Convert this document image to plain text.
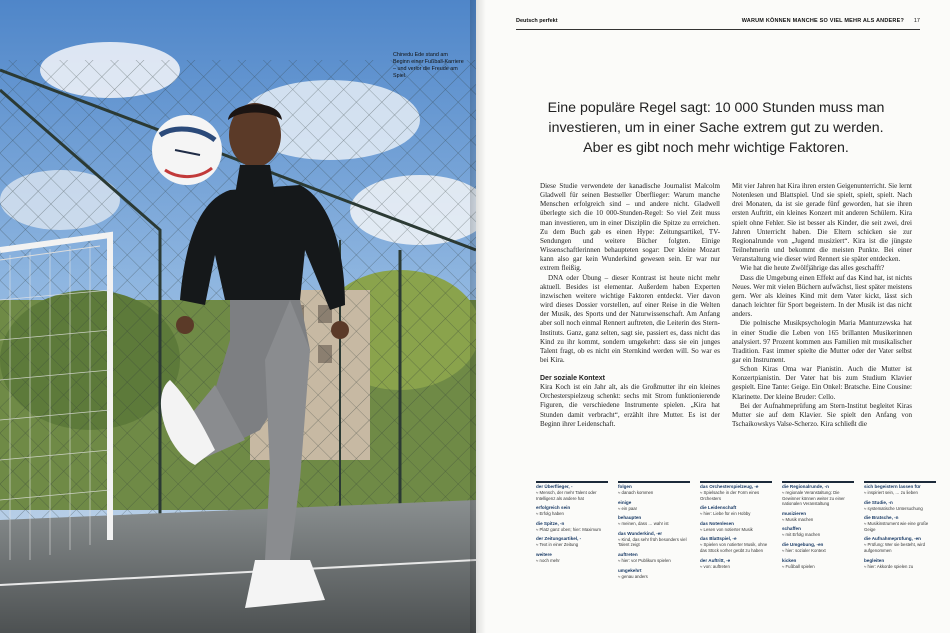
Chinedu Ede stand am Beginn einer Fußball-Karriere – und verlor die Freude am Spiel.
Deutsch perfekt	WARUM KÖNNEN MANCHE SO VIEL MEHR ALS ANDERE? 17
Eine populäre Regel sagt: 10 000 Stunden muss man investieren, um in einer Sache extrem gut zu werden. Aber es gibt noch mehr wichtige Faktoren.

Diese Studie verwendete der kanadische Journalist Malcolm Gladwell für seinen Bestseller Überflieger: Warum manche Menschen erfolgreich sind – und andere nicht. Gladwell überlegte sich die 10 000-Stunden-Regel: So viel Zeit muss man investieren, um in einer Disziplin die Spitze zu erreichen. Zu dem Buch gab es einen Hype: Zeitungsartikel, TV-Sendungen und weitere Bücher folgten. Einige Wissenschaftlerinnen behaupteten sogar: Der kleine Mozart kann also gar kein Wunderkind gewesen sein. Er war nur extrem fleißig.

DNA oder Übung – dieser Kontrast ist heute nicht mehr aktuell. Besides ist elementar. Außerdem haben Experten inzwischen weitere wichtige Faktoren entdeckt. Vier davon wird dieses Dossier vorstellen, auf einer Reise in die Welten der Musik, des Sports und der Naturwissenschaft. Am Anfang aber soll noch einmal Rennert auftreten, die Leiterin des Stern-Instituts. Ganz, ganz selten, sagt sie, passiert es, dass nicht das Kind zu ihr kommt, sondern umgekehrt: dass sie ein junges Talent fragt, ob es nicht ein Sternkind werden will. So war es bei Kira.

Der soziale Kontext

Kira Koch ist ein Jahr alt, als die Großmutter ihr ein kleines Orchesterspielzeug schenkt: sechs mit Strom funktionierende Figuren, die verschiedene Instrumente spielen. „Kira hat Stunden damit verbracht“, erzählt ihre Mutter. Es ist der Beginn ihrer Leidenschaft.

Mit vier Jahren hat Kira ihren ersten Geigenunterricht. Sie lernt Notenlesen und Blattspiel. Und sie spielt, spielt, spielt. Nach drei Monaten, da ist sie gerade fünf geworden, hat sie ihren ersten Auftritt, ein kleines Konzert mit anderen Schülern. Kira spielt ohne Fehler. Sie ist besser als Kinder, die seit zwei, drei Jahren Unterricht haben. Die Eltern schicken sie zur Regionalrunde von „Jugend musiziert“. Kira ist die jüngste Teilnehmerin und bekommt die meisten Punkte. Bei einer Veranstaltung wie dieser wird Rennert sie später entdecken.

Wie hat die heute Zwölfjährige das alles geschafft?

Dass die Umgebung einen Effekt auf das Kind hat, ist nichts Neues. Wer mit vielen Büchern aufwächst, liest später meistens gern. Wer als kleines Kind mit dem Vater kickt, lässt sich danach leichter für Sport begeistern. In der Musik ist das nicht anders.

Die polnische Musikpsychologin Maria Manturzewska hat in einer Studie die Leben von 165 brillanten Musikerinnen analysiert. 97 Prozent kommen aus Familien mit musikalischer Tradition. Fast immer spielte die Mutter oder der Vater selbst gar ein Instrument.

Schon Kiras Oma war Pianistin. Auch die Mutter ist Konzertpianistin. Der Vater hat bis zum Studium Klavier gespielt. Eine Tante: Geige. Ein Onkel: Bratsche. Eine Cousine: Klarinette. Der kleine Bruder: Cello.

Bei der Aufnahmeprüfung am Stern-Institut begleitet Kiras Mutter sie auf dem Klavier. Sie spielt den Anfang von Tschaikowskys Valse-Scherzo. Kira schließt die

der Überflieger, -
≈ Mensch, der mehr Talent oder Intelligenz als andere hat
erfolgreich sein
≈ Erfolg haben
die Spitze, -n
≈ Platz ganz oben; hier: Maximum
der Zeitungsartikel, -
≈ Text in einer Zeitung
weitere
≈ noch mehr
folgen
≈ danach kommen
einige
≈ ein paar
behaupten
≈ meinen, dass … wahr ist
das Wunderkind, -er
≈ Kind, das sehr früh besonders viel Talent zeigt
auftreten
≈ hier: vor Publikum spielen
umgekehrt
≈ genau anders
das Orchesterspielzeug, -e
≈ Spielsache in der Form eines Orchesters
die Leidenschaft
≈ hier: Liebe für ein Hobby
das Notenlesen
≈ Lesen von notierter Musik
das Blattspiel, -e
≈ Spielen von notierter Musik, ohne das Stück vorher geübt zu haben
der Auftritt, -e
≈ von: auftreten
die Regionalrunde, -n
≈ regionale Veranstaltung: Die Gewinner können weiter zu einer nationalen Veranstaltung
musizieren
≈ Musik machen
schaffen
≈ mit Erfolg machen
die Umgebung, -en
≈ hier: sozialer Kontext
kicken
≈ Fußball spielen
sich begeistern lassen für
≈ inspiriert sein, … zu lieben
die Studie, -n
≈ systematische Untersuchung
die Bratsche, -n
≈ Musikinstrument wie eine große Geige
die Aufnahmeprüfung, -en
≈ Prüfung: Wer sie besteht, wird aufgenommen
begleiten
≈ hier: Akkorde spielen zu
